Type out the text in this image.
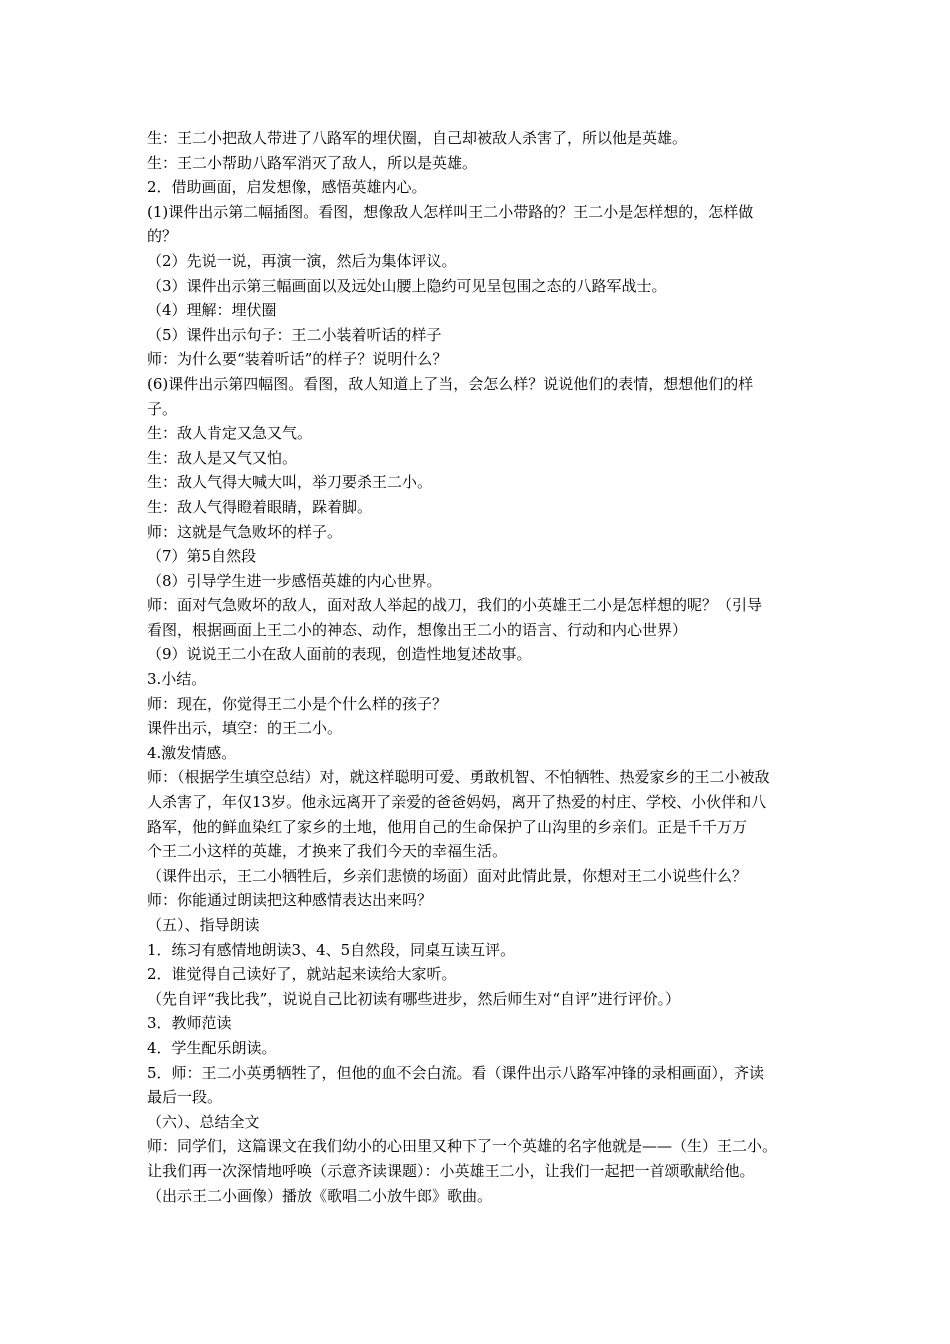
生：王二小把敌人带进了八路军的埋伏圈，自己却被敌人杀害了，所以他是英雄。
生：王二小帮助八路军消灭了敌人，所以是英雄。
2．借助画面，启发想像，感悟英雄内心。
(1)课件出示第二幅插图。看图，想像敌人怎样叫王二小带路的？王二小是怎样想的，怎样做
的？
（2）先说一说，再演一演，然后为集体评议。
（3）课件出示第三幅画面以及远处山腰上隐约可见呈包围之态的八路军战士。
（4）理解：埋伏圈
（5）课件出示句子：王二小装着听话的样子
师：为什么要“装着听话”的样子？说明什么？
(6)课件出示第四幅图。看图，敌人知道上了当，会怎么样？说说他们的表情，想想他们的样
子。
生：敌人肯定又急又气。
生：敌人是又气又怕。
生：敌人气得大喊大叫，举刀要杀王二小。
生：敌人气得瞪着眼睛，跺着脚。
师：这就是气急败坏的样子。
（7）第5自然段
（8）引导学生进一步感悟英雄的内心世界。
师：面对气急败坏的敌人，面对敌人举起的战刀，我们的小英雄王二小是怎样想的呢？（引导
看图，根据画面上王二小的神态、动作，想像出王二小的语言、行动和内心世界）
（9）说说王二小在敌人面前的表现，创造性地复述故事。
3.小结。
师：现在，你觉得王二小是个什么样的孩子？
课件出示，填空：的王二小。
4.激发情感。
师：（根据学生填空总结）对，就这样聪明可爱、勇敢机智、不怕牺牲、热爱家乡的王二小被敌
人杀害了，年仅13岁。他永远离开了亲爱的爸爸妈妈，离开了热爱的村庄、学校、小伙伴和八
路军，他的鲜血染红了家乡的土地，他用自己的生命保护了山沟里的乡亲们。正是千千万万
个王二小这样的英雄，才换来了我们今天的幸福生活。
（课件出示，王二小牺牲后，乡亲们悲愤的场面）面对此情此景，你想对王二小说些什么？
师：你能通过朗读把这种感情表达出来吗？
（五）、指导朗读
1．练习有感情地朗读3、4、5自然段，同桌互读互评。
2．谁觉得自己读好了，就站起来读给大家听。
（先自评“我比我”，说说自己比初读有哪些进步，然后师生对“自评”进行评价。）
3．教师范读
4．学生配乐朗读。
5．师：王二小英勇牺牲了，但他的血不会白流。看（课件出示八路军冲锋的录相画面），齐读
最后一段。
（六）、总结全文
师：同学们，这篇课文在我们幼小的心田里又种下了一个英雄的名字他就是——（生）王二小。
让我们再一次深情地呼唤（示意齐读课题）：小英雄王二小，让我们一起把一首颂歌献给他。
（出示王二小画像）播放《歌唱二小放牛郎》歌曲。
